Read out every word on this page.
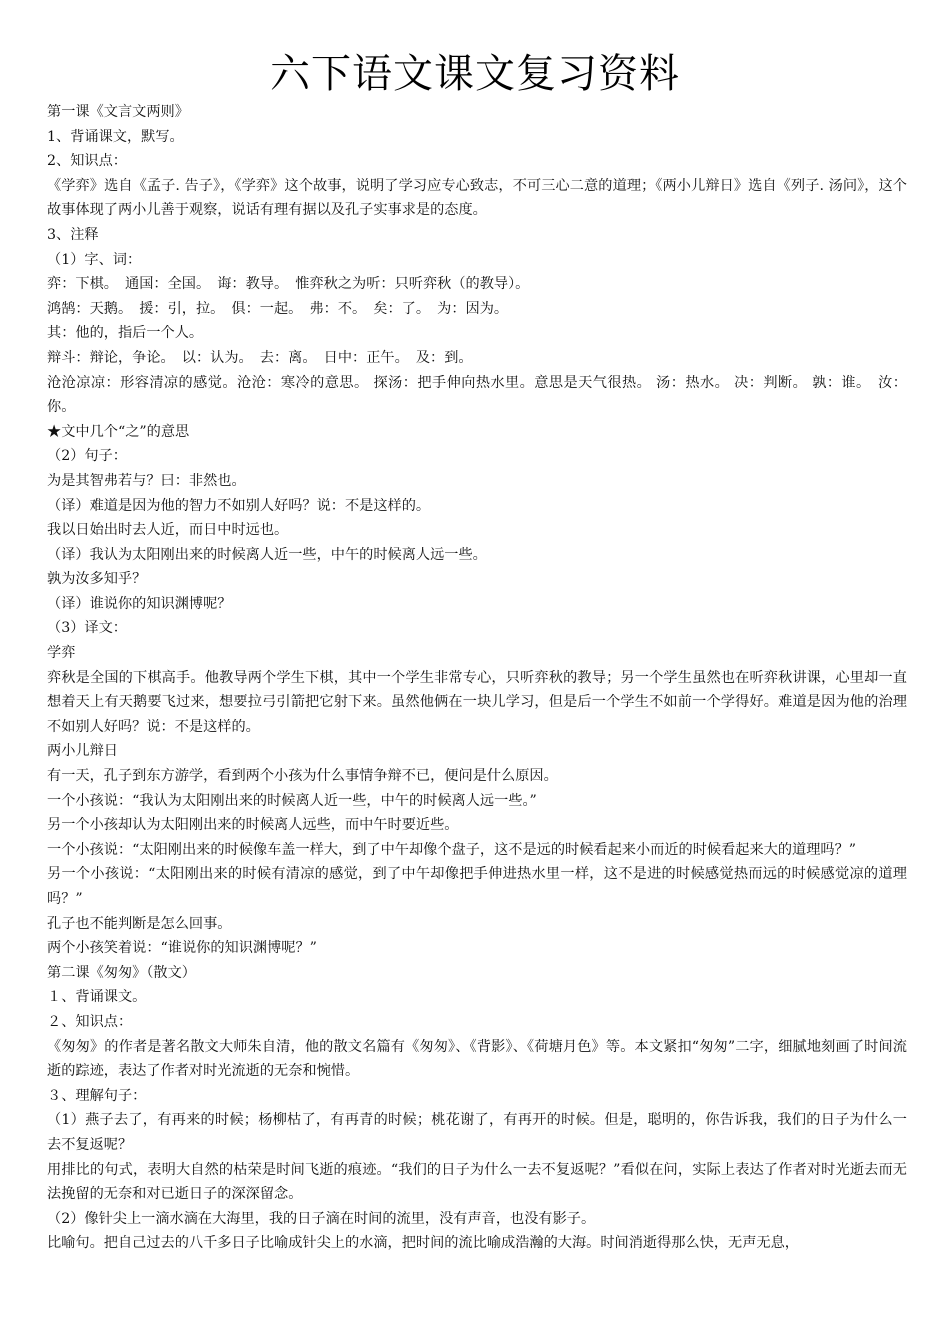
六下语文课文复习资料

第一课《文言文两则》

1、背诵课文，默写。

2、知识点：

《学弈》选自《孟子. 告子》，《学弈》这个故事，说明了学习应专心致志，不可三心二意的道理；《两小儿辩日》选自《列子. 汤问》，这个故事体现了两小儿善于观察，说话有理有据以及孔子实事求是的态度。

3、注释

（1）字、词：

弈：下棋。　通国：全国。　诲：教导。　惟弈秋之为听：只听弈秋（的教导）。

鸿鹄：天鹅。　援：引，拉。　俱：一起。　弗：不。　矣：了。　为：因为。

其：他的，指后一个人。

辩斗：辩论，争论。　以：认为。　去：离。　日中：正午。　及：到。

沧沧凉凉：形容清凉的感觉。沧沧：寒冷的意思。 探汤：把手伸向热水里。意思是天气很热。 汤：热水。 决：判断。 孰：谁。　汝：你。

★文中几个“之”的意思

（2）句子：

为是其智弗若与？曰：非然也。

（译）难道是因为他的智力不如别人好吗？说：不是这样的。

我以日始出时去人近，而日中时远也。

（译）我认为太阳刚出来的时候离人近一些，中午的时候离人远一些。

孰为汝多知乎？

（译）谁说你的知识渊博呢？

（3）译文：

学弈

弈秋是全国的下棋高手。他教导两个学生下棋，其中一个学生非常专心，只听弈秋的教导；另一个学生虽然也在听弈秋讲课，心里却一直想着天上有天鹅要飞过来，想要拉弓引箭把它射下来。虽然他俩在一块儿学习，但是后一个学生不如前一个学得好。难道是因为他的治理不如别人好吗？说：不是这样的。

两小儿辩日

有一天，孔子到东方游学，看到两个小孩为什么事情争辩不已，便问是什么原因。

一个小孩说：“我认为太阳刚出来的时候离人近一些，中午的时候离人远一些。”

另一个小孩却认为太阳刚出来的时候离人远些，而中午时要近些。

一个小孩说：“太阳刚出来的时候像车盖一样大，到了中午却像个盘子，这不是远的时候看起来小而近的时候看起来大的道理吗？”

另一个小孩说：“太阳刚出来的时候有清凉的感觉，到了中午却像把手伸进热水里一样，这不是进的时候感觉热而远的时候感觉凉的道理吗？”

孔子也不能判断是怎么回事。

两个小孩笑着说：“谁说你的知识渊博呢？”

第二课《匆匆》（散文）

１、背诵课文。

２、知识点：

《匆匆》的作者是著名散文大师朱自清，他的散文名篇有《匆匆》、《背影》、《荷塘月色》等。本文紧扣“匆匆”二字，细腻地刻画了时间流逝的踪迹，表达了作者对时光流逝的无奈和惋惜。

３、理解句子：

（1）燕子去了，有再来的时候；杨柳枯了，有再青的时候；桃花谢了，有再开的时候。但是，聪明的，你告诉我，我们的日子为什么一去不复返呢？

用排比的句式，表明大自然的枯荣是时间飞逝的痕迹。“我们的日子为什么一去不复返呢？”看似在问，实际上表达了作者对时光逝去而无法挽留的无奈和对已逝日子的深深留念。

（2）像针尖上一滴水滴在大海里，我的日子滴在时间的流里，没有声音，也没有影子。

比喻句。把自己过去的八千多日子比喻成针尖上的水滴，把时间的流比喻成浩瀚的大海。时间消逝得那么快，无声无息，
